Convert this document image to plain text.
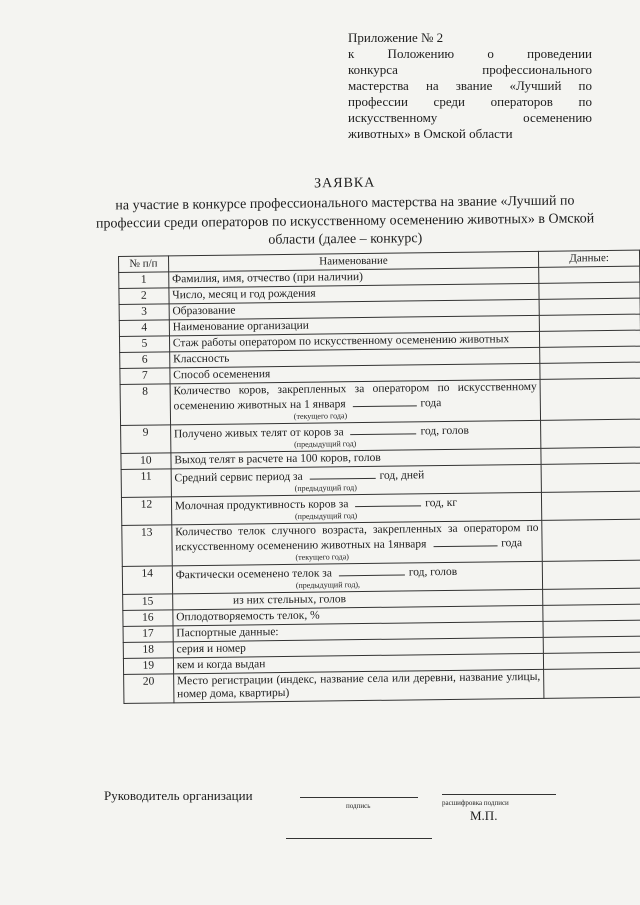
Приложение № 2
к Положению о проведении
конкурса профессионального
мастерства на звание «Лучший по
профессии среди операторов по
искусственному осеменению
животных» в Омской области
ЗАЯВКА
на участие в конкурсе профессионального мастерства на звание «Лучший по профессии среди операторов по искусственному осеменению животных» в Омской области (далее – конкурс)
№ п/п	Наименование	Данные:
1	Фамилия, имя, отчество (при наличии)	
2	Число, месяц и год рождения	
3	Образование	
4	Наименование организации	
5	Стаж работы оператором по искусственному осеменению животных	
6	Классность	
7	Способ осеменения	
8	Количество коров, закрепленных за оператором по искусственному осеменению животных на 1 января года
(текущего года)	

9	Получено живых телят от коров за год, голов
(предыдущий год)	

10	Выход телят в расчете на 100 коров, голов	
11	Средний сервис период за год, дней
(предыдущий год)	

12	Молочная продуктивность коров за год, кг
(предыдущий год)	

13	Количество телок случного возраста, закрепленных за оператором по искусственному осеменению животных на 1января года
(текущего года)	

14	Фактически осеменено телок за год, голов
(предыдущий год),	

15	из них стельных, голов	
16	Оплодотворяемость телок, %	
17	Паспортные данные:	
18	серия и номер	
19	кем и когда выдан	
20	Место регистрации (индекс, название села или деревни, название улицы, номер дома, квартиры)	
Руководитель организации
подпись	расшифровка подписи
М.П.
